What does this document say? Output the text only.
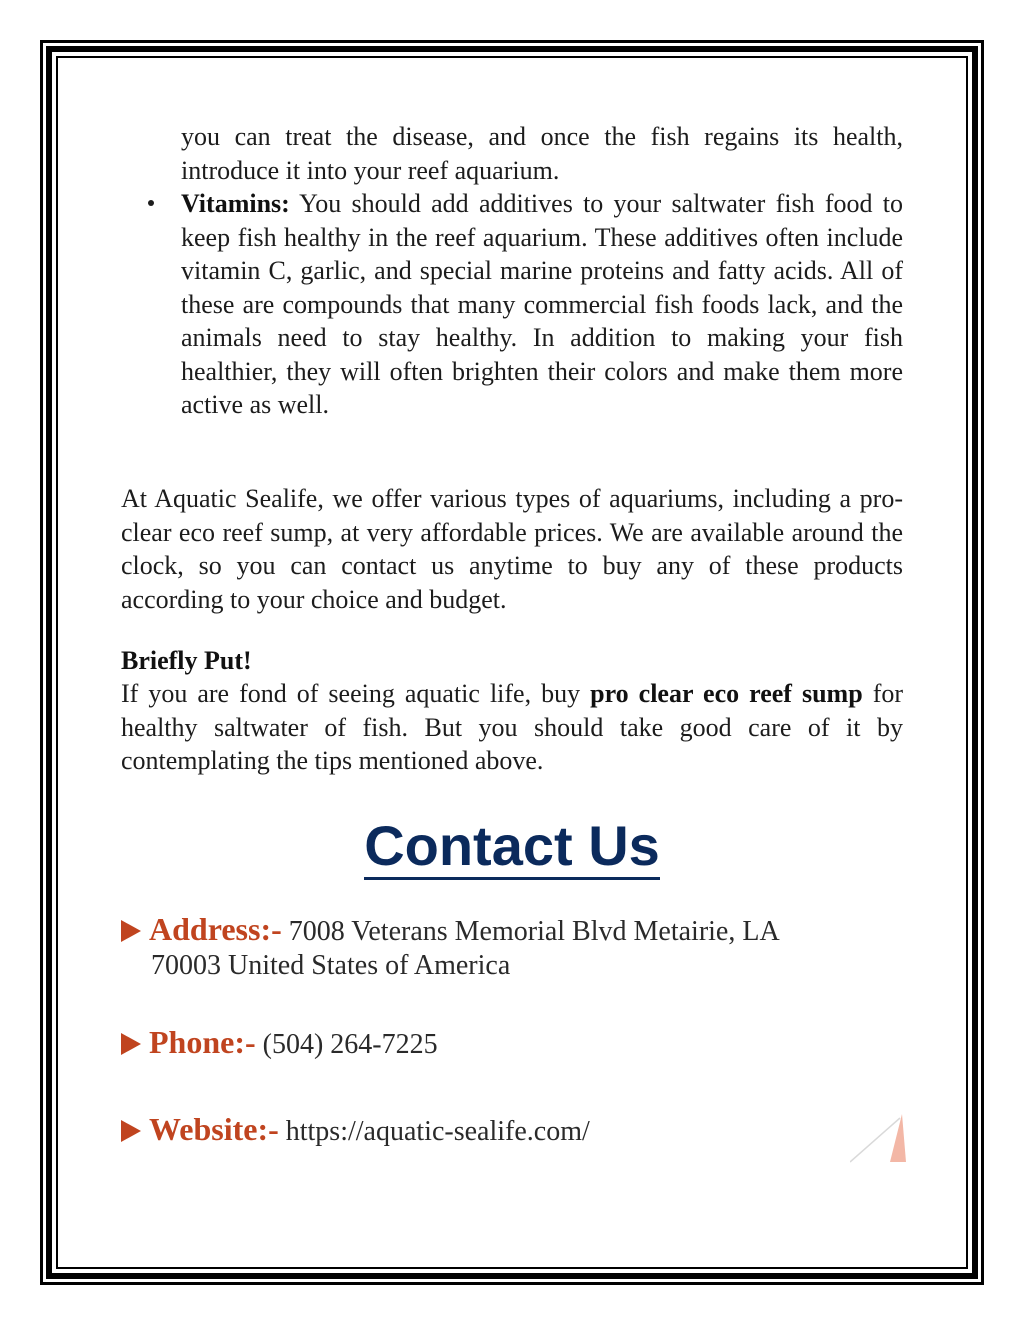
you can treat the disease, and once the fish regains its health, introduce it into your reef aquarium.

Vitamins: You should add additives to your saltwater fish food to keep fish healthy in the reef aquarium. These additives often include vitamin C, garlic, and special marine proteins and fatty acids. All of these are compounds that many commercial fish foods lack, and the animals need to stay healthy. In addition to making your fish healthier, they will often brighten their colors and make them more active as well.

At Aquatic Sealife, we offer various types of aquariums, including a pro-clear eco reef sump, at very affordable prices. We are available around the clock, so you can contact us anytime to buy any of these products according to your choice and budget.

Briefly Put!

If you are fond of seeing aquatic life, buy pro clear eco reef sump for healthy saltwater of fish. But you should take good care of it by contemplating the tips mentioned above.

Contact Us
Address:- 7008 Veterans Memorial Blvd Metairie, LA
70003 United States of America
Phone:- (504) 264-7225
Website:- https://aquatic-sealife.com/
